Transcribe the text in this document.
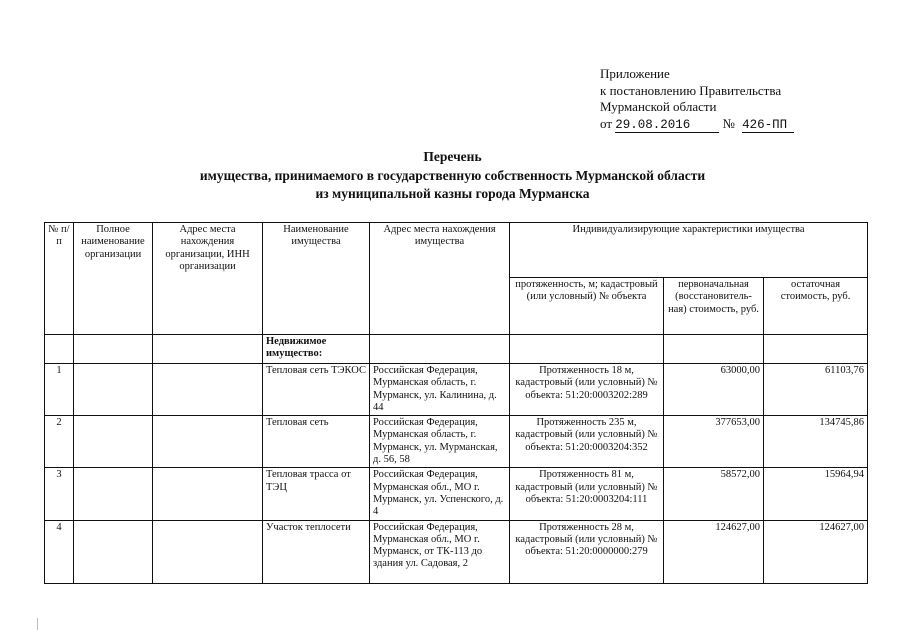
Приложение
к постановлению Правительства
Мурманской области
от 29.08.2016 № 426-ПП
Перечень
имущества, принимаемого в государственную собственность Мурманской области
из муниципальной казны города Мурманска
№ п/п	Полное наименование организации	Адрес места нахождения организации, ИНН организации	Наименование имущества	Адрес места нахождения имущества	Индивидуализирующие характеристики имущества		
					протяженность, м; кадастровый (или условный) № объекта	первоначальная (восстановитель-ная) стоимость, руб.	остаточная стоимость, руб.
			Недвижимое имущество:				
1			Тепловая сеть ТЭКОС	Российская Федерация, Мурманская область, г. Мурманск, ул. Калинина, д. 44	Протяженность 18 м, кадастровый (или условный) № объекта: 51:20:0003202:289	63000,00	61103,76
2			Тепловая сеть	Российская Федерация, Мурманская область, г. Мурманск, ул. Мурманская, д. 56, 58	Протяженность 235 м, кадастровый (или условный) № объекта: 51:20:0003204:352	377653,00	134745,86
3			Тепловая трасса от ТЭЦ	Российская Федерация, Мурманская обл., МО г. Мурманск, ул. Успенского, д. 4	Протяженность 81 м, кадастровый (или условный) № объекта: 51:20:0003204:111	58572,00	15964,94
4			Участок теплосети	Российская Федерация, Мурманская обл., МО г. Мурманск, от ТК-113 до здания ул. Садовая, 2	Протяженность 28 м, кадастровый (или условный) № объекта: 51:20:0000000:279	124627,00	124627,00
